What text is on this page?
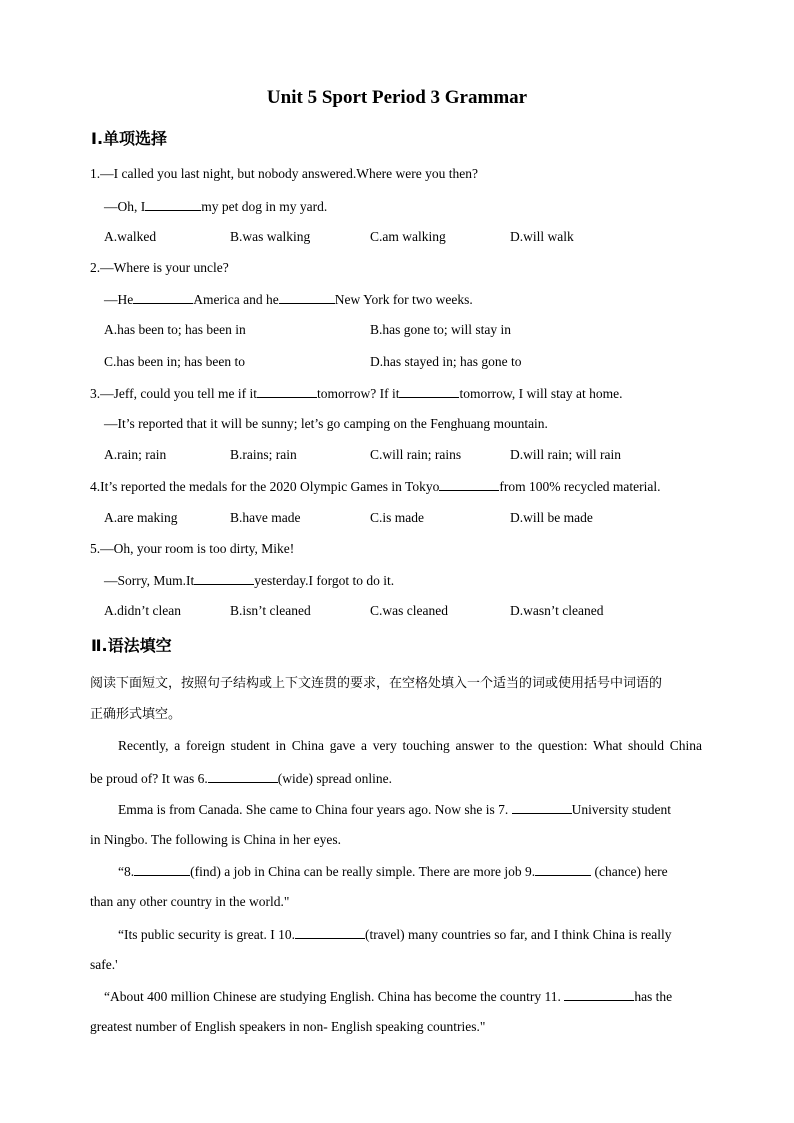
Unit 5 Sport Period 3 Grammar
Ⅰ.单项选择
1.—I called you last night, but nobody answered.Where were you then?
—Oh, I	my pet dog in my yard.
A.walked	B.was walking	C.am walking	D.will walk
2.—Where is your uncle?
—He	America and he	New York for two weeks.
A.has been to; has been in	B.has gone to; will stay in
C.has been in; has been to	D.has stayed in; has gone to
3.—Jeff, could you tell me if it	tomorrow? If it	tomorrow, I will stay at home.
—It’s reported that it will be sunny; let’s go camping on the Fenghuang mountain.
A.rain; rain	B.rains; rain	C.will rain; rains	D.will rain; will rain
4.It’s reported the medals for the 2020 Olympic Games in Tokyo	from 100% recycled material.
A.are making	B.have made	C.is made	D.will be made
5.—Oh, your room is too dirty, Mike!
—Sorry, Mum.It	yesterday.I forgot to do it.
A.didn’t clean	B.isn’t cleaned	C.was cleaned	D.wasn’t cleaned
Ⅱ.语法填空
阅读下面短文，按照句子结构或上下文连贯的要求，在空格处填入一个适当的词或使用括号中词语的
正确形式填空。
Recently, a foreign student in China gave a very touching answer to the question: What should China
be proud of? It was 6.	(wide) spread online.
Emma is from Canada. She came to China four years ago. Now she is 7.	University student
in Ningbo. The following is China in her eyes.
“8.	(find) a job in China can be really simple. There are more job 9.	(chance) here
than any other country in the world."
“Its public security is great. I 10.	(travel) many countries so far, and I think China is really
safe.'
“About 400 million Chinese are studying English. China has become the country 11.	has the
greatest number of English speakers in non- English speaking countries."
